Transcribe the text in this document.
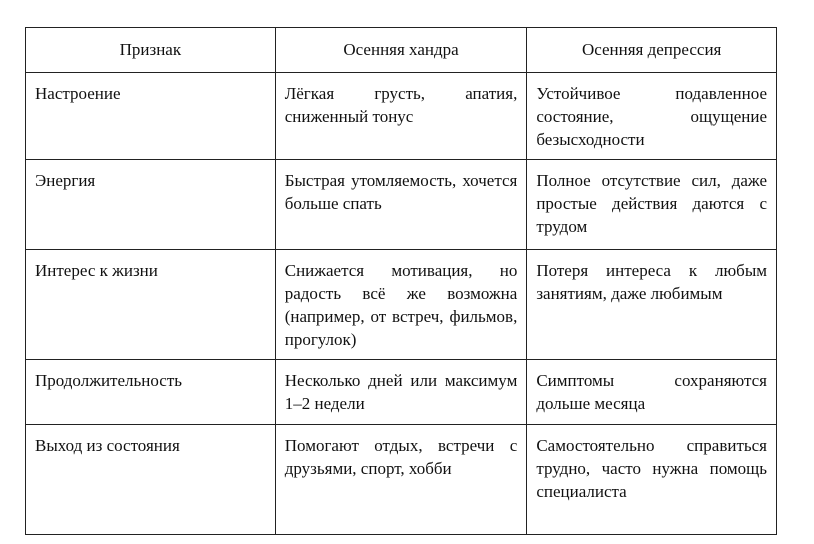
Признак	Осенняя хандра	Осенняя депрессия
Настроение	Лёгкая грусть, апатия, сниженный тонус	Устойчивое подавленное состояние, ощущение безысходности
Энергия	Быстрая утомляемость, хочется больше спать	Полное отсутствие сил, даже простые действия даются с трудом
Интерес к жизни	Снижается мотивация, но радость всё же возможна (например, от встреч, фильмов, прогулок)	Потеря интереса к любым занятиям, даже любимым
Продолжительность	Несколько дней или максимум 1–2 недели	Симптомы сохраняются дольше месяца
Выход из состояния	Помогают отдых, встречи с друзьями, спорт, хобби	Самостоятельно справиться трудно, часто нужна помощь специалиста
